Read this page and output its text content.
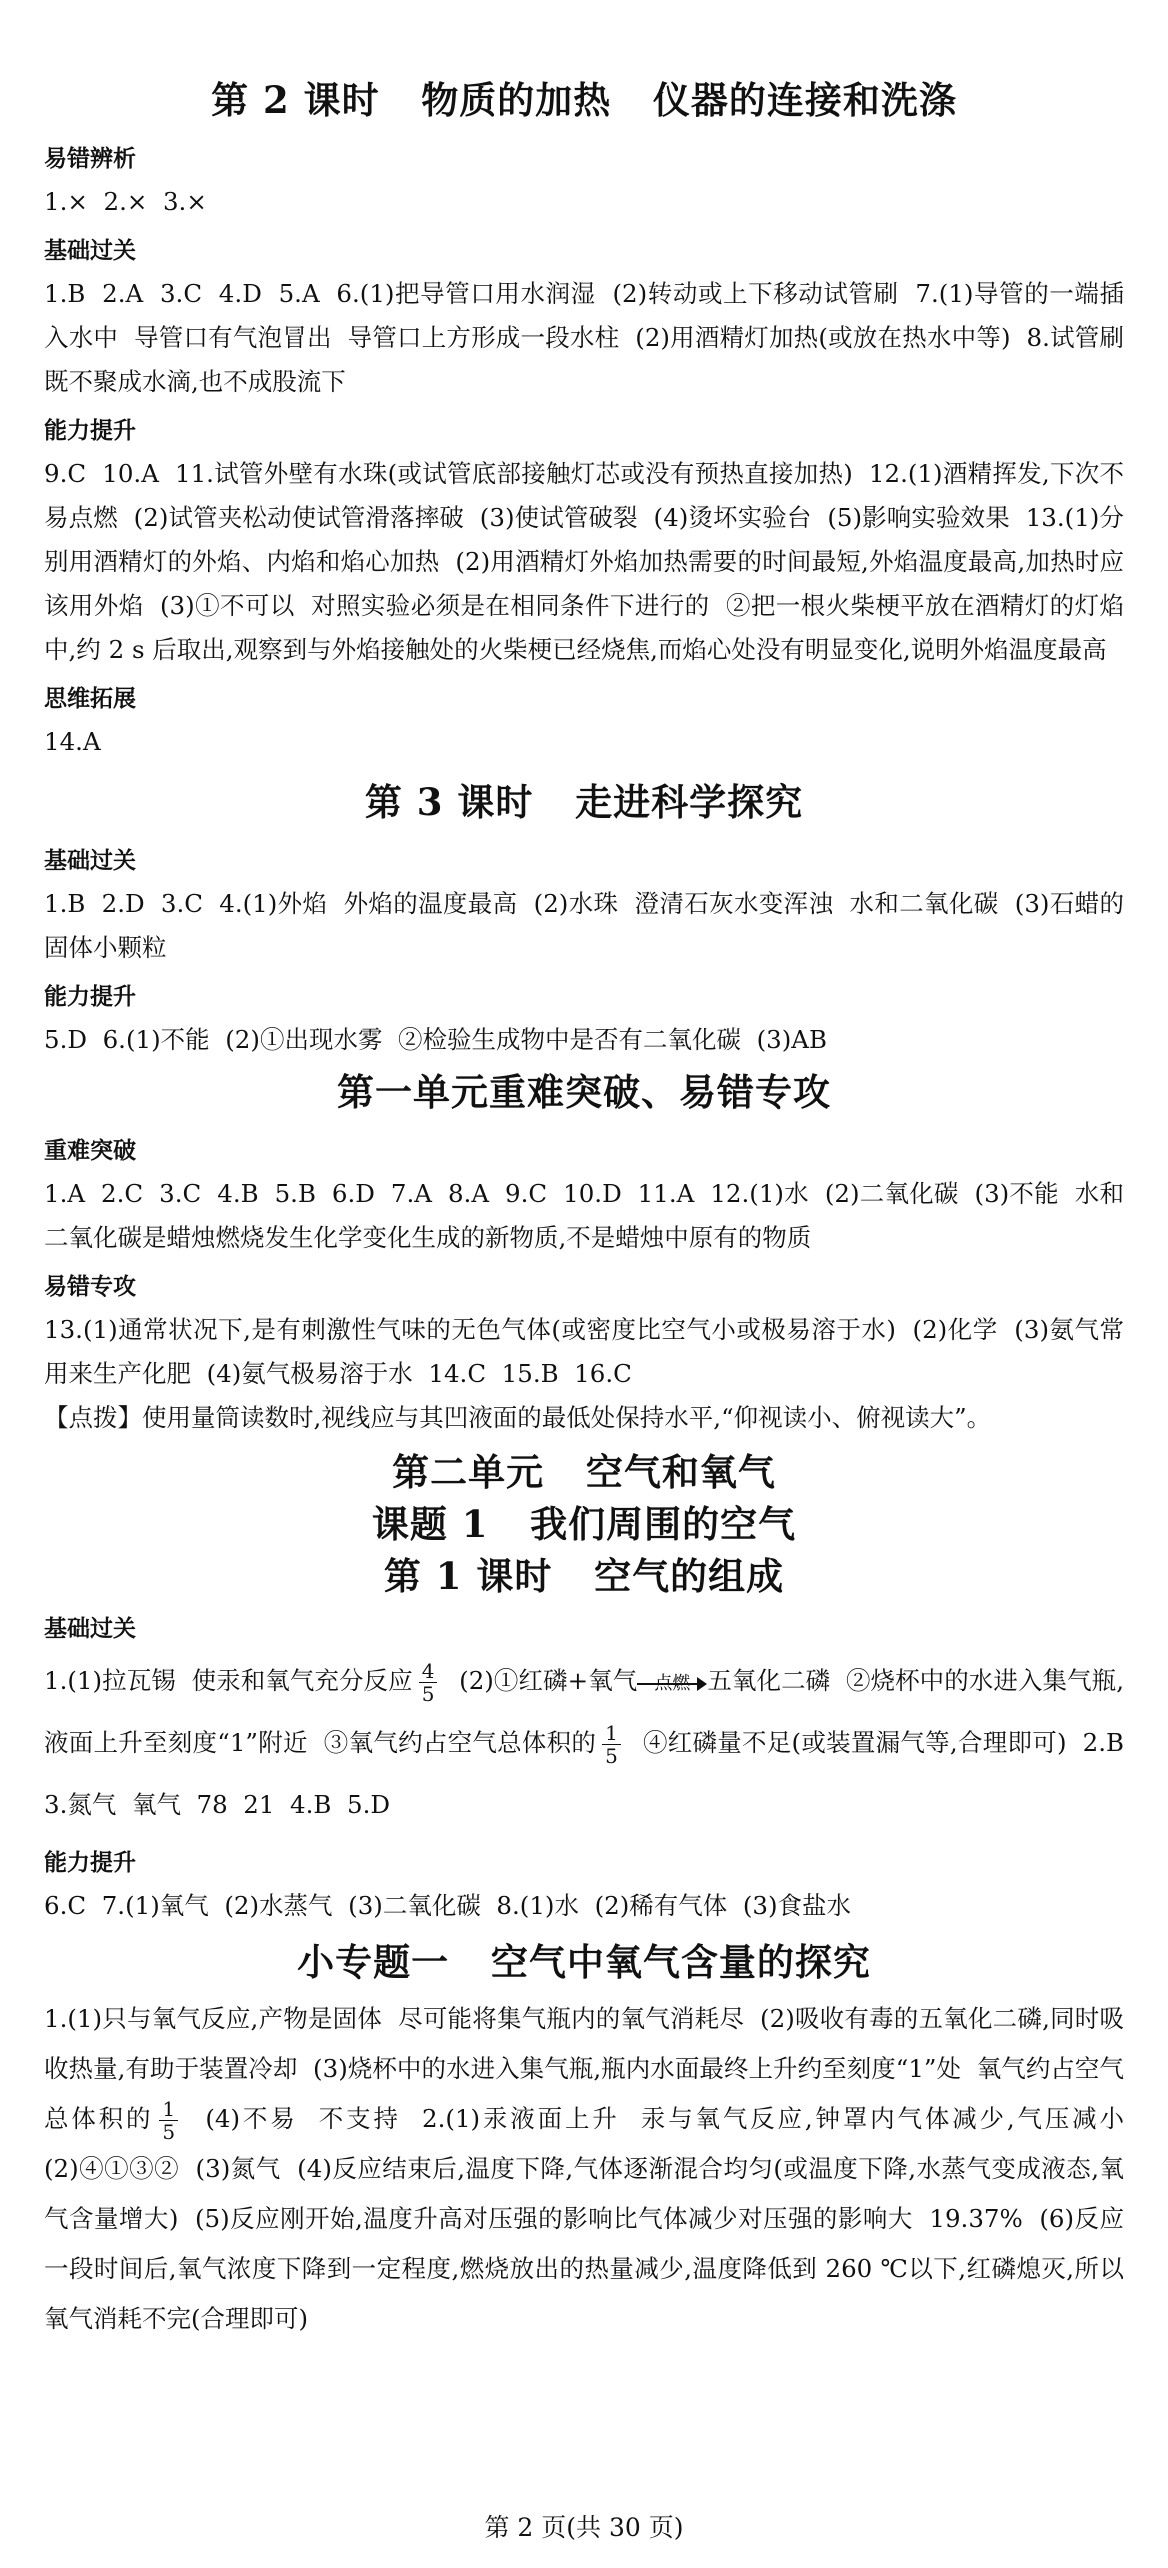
第 2 课时   物质的加热   仪器的连接和洗涤
易错辨析

1.×  2.×  3.×

基础过关

1.B  2.A  3.C  4.D  5.A  6.(1)把导管口用水润湿  (2)转动或上下移动试管刷  7.(1)导管的一端插入水中  导管口有气泡冒出  导管口上方形成一段水柱  (2)用酒精灯加热(或放在热水中等)  8.试管刷  既不聚成水滴,也不成股流下

能力提升

9.C  10.A  11.试管外壁有水珠(或试管底部接触灯芯或没有预热直接加热)  12.(1)酒精挥发,下次不易点燃  (2)试管夹松动使试管滑落摔破  (3)使试管破裂  (4)烫坏实验台  (5)影响实验效果  13.(1)分别用酒精灯的外焰、内焰和焰心加热  (2)用酒精灯外焰加热需要的时间最短,外焰温度最高,加热时应该用外焰  (3)①不可以  对照实验必须是在相同条件下进行的  ②把一根火柴梗平放在酒精灯的灯焰中,约 2 s 后取出,观察到与外焰接触处的火柴梗已经烧焦,而焰心处没有明显变化,说明外焰温度最高

思维拓展

14.A

第 3 课时   走进科学探究
基础过关

1.B  2.D  3.C  4.(1)外焰  外焰的温度最高  (2)水珠  澄清石灰水变浑浊  水和二氧化碳  (3)石蜡的固体小颗粒

能力提升

5.D  6.(1)不能  (2)①出现水雾  ②检验生成物中是否有二氧化碳  (3)AB

第一单元重难突破、易错专攻
重难突破

1.A  2.C  3.C  4.B  5.B  6.D  7.A  8.A  9.C  10.D  11.A  12.(1)水  (2)二氧化碳  (3)不能  水和二氧化碳是蜡烛燃烧发生化学变化生成的新物质,不是蜡烛中原有的物质

易错专攻

13.(1)通常状况下,是有刺激性气味的无色气体(或密度比空气小或极易溶于水)  (2)化学  (3)氨气常用来生产化肥  (4)氨气极易溶于水  14.C  15.B  16.C

【点拨】使用量筒读数时,视线应与其凹液面的最低处保持水平,“仰视读小、俯视读大”。

第二单元   空气和氧气
课题 1   我们周围的空气
第 1 课时   空气的组成
基础过关

1.(1)拉瓦锡  使汞和氧气充分反应 $\frac{4}{5}$ (2)①红磷+氧气 点燃 五氧化二磷  ②烧杯中的水进入集气瓶,液面上升至刻度“1”附近  ③氧气约占空气总体积的 $\frac{1}{5}$ ④红磷量不足(或装置漏气等,合理即可)  2.B  3.氮气  氧气  78  21  4.B  5.D

能力提升

6.C  7.(1)氧气  (2)水蒸气  (3)二氧化碳  8.(1)水  (2)稀有气体  (3)食盐水

小专题一   空气中氧气含量的探究

1.(1)只与氧气反应,产物是固体  尽可能将集气瓶内的氧气消耗尽  (2)吸收有毒的五氧化二磷,同时吸收热量,有助于装置冷却  (3)烧杯中的水进入集气瓶,瓶内水面最终上升约至刻度“1”处  氧气约占空气总体积的 $\frac{1}{5} (4)$不易  不支持  2.(1)汞液面上升  汞与氧气反应,钟罩内气体减少,气压减小  (2)④①③②  (3)氮气  (4)反应结束后,温度下降,气体逐渐混合均匀(或温度下降,水蒸气变成液态,氧气含量增大)  (5)反应刚开始,温度升高对压强的影响比气体减少对压强的影响大  19.37%  (6)反应一段时间后,氧气浓度下降到一定程度,燃烧放出的热量减少,温度降低到 260 ℃以下,红磷熄灭,所以氧气消耗不完(合理即可)

第 2 页(共 30 页)
